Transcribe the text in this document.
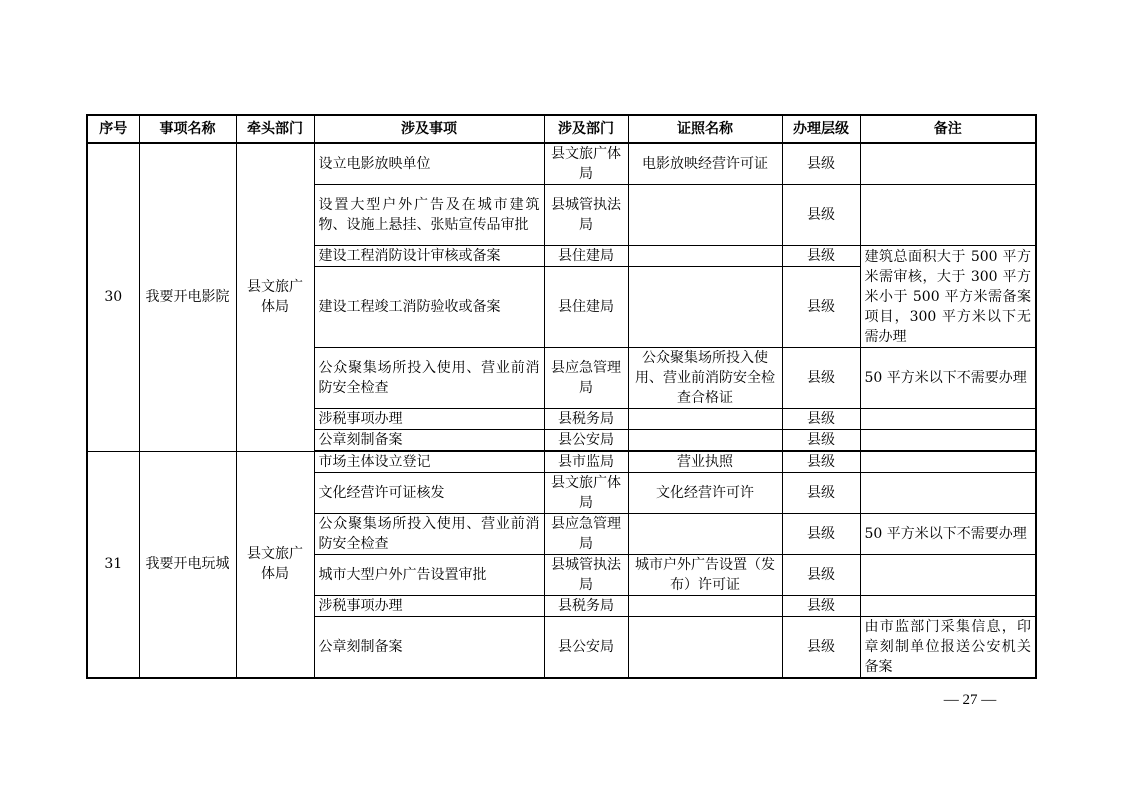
序号	事项名称	牵头部门	涉及事项	涉及部门	证照名称	办理层级	备注
30	我要开电影院	县文旅广体局	设立电影放映单位	县文旅广体局	电影放映经营许可证	县级	
			设置大型户外广告及在城市建筑物、设施上悬挂、张贴宣传品审批	县城管执法局		县级	
			建设工程消防设计审核或备案	县住建局		县级	建筑总面积大于 500 平方米需审核，大于 300 平方米小于 500 平方米需备案项目，300 平方米以下无需办理
			建设工程竣工消防验收或备案	县住建局		县级	
			公众聚集场所投入使用、营业前消防安全检查	县应急管理局	公众聚集场所投入使用、营业前消防安全检查合格证	县级	50 平方米以下不需要办理
			涉税事项办理	县税务局		县级	
			公章刻制备案	县公安局		县级	
31	我要开电玩城	县文旅广体局	市场主体设立登记	县市监局	营业执照	县级	
			文化经营许可证核发	县文旅广体局	文化经营许可许	县级	
			公众聚集场所投入使用、营业前消防安全检查	县应急管理局		县级	50 平方米以下不需要办理
			城市大型户外广告设置审批	县城管执法局	城市户外广告设置（发布）许可证	县级	
			涉税事项办理	县税务局		县级	
			公章刻制备案	县公安局		县级	由市监部门采集信息，印章刻制单位报送公安机关备案
— 27 —
